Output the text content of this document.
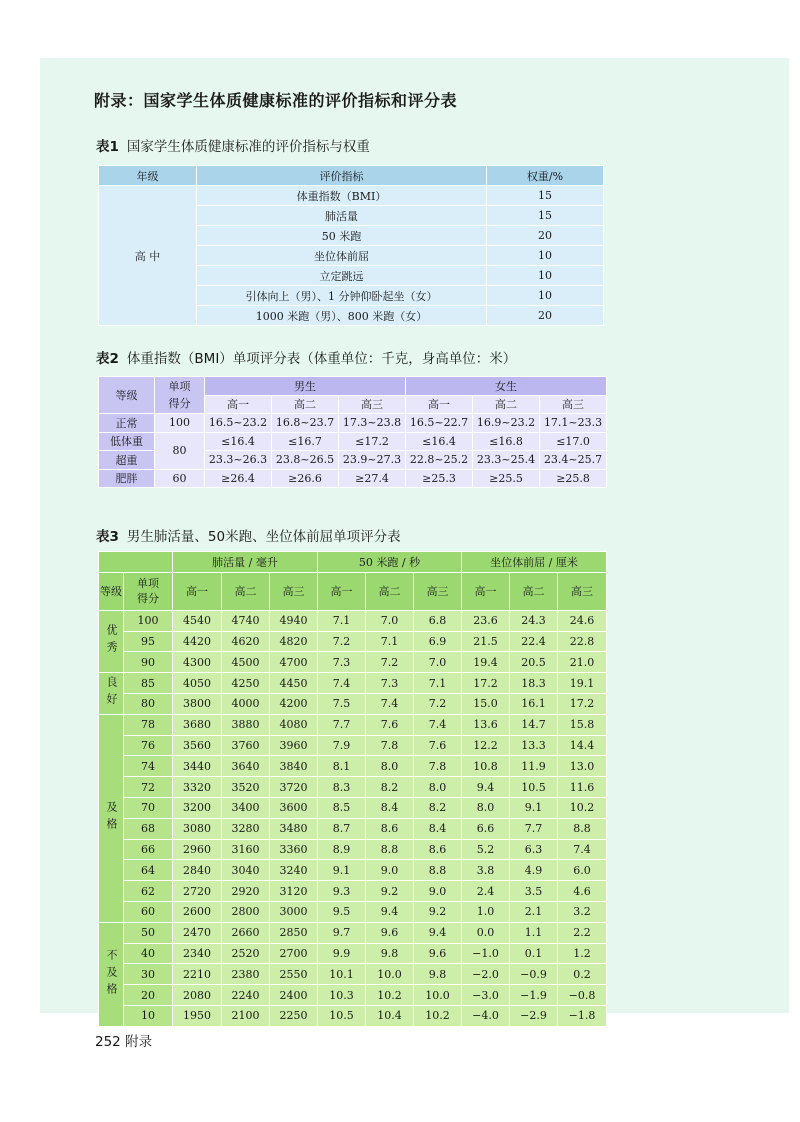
附录：国家学生体质健康标准的评价指标和评分表
表1 国家学生体质健康标准的评价指标与权重
年级	评价指标	权重/%
高 中	体重指数（BMI）	15
	肺活量	15
	50 米跑	20
	坐位体前屈	10
	立定跳远	10
	引体向上（男）、1 分钟仰卧起坐（女）	10
	1000 米跑（男）、800 米跑（女）	20
表2 体重指数（BMI）单项评分表（体重单位：千克，身高单位：米）
等级	单项得分	男生			女生		
		高一	高二	高三	高一	高二	高三
正常	100	16.5~23.2	16.8~23.7	17.3~23.8	16.5~22.7	16.9~23.2	17.1~23.3
低体重	80	≤16.4	≤16.7	≤17.2	≤16.4	≤16.8	≤17.0
超重		23.3~26.3	23.8~26.5	23.9~27.3	22.8~25.2	23.3~25.4	23.4~25.7
肥胖	60	≥26.4	≥26.6	≥27.4	≥25.3	≥25.5	≥25.8
表3 男生肺活量、50米跑、坐位体前屈单项评分表
		肺活量 / 毫升			50 米跑 / 秒			坐位体前屈 / 厘米		
等级	单项得分	高一	高二	高三	高一	高二	高三	高一	高二	高三

优秀	100	4540	4740	4940	7.1	7.0	6.8	23.6	24.3	24.6
	95	4420	4620	4820	7.2	7.1	6.9	21.5	22.4	22.8
	90	4300	4500	4700	7.3	7.2	7.0	19.4	20.5	21.0

良好	85	4050	4250	4450	7.4	7.3	7.1	17.2	18.3	19.1
	80	3800	4000	4200	7.5	7.4	7.2	15.0	16.1	17.2

及格	78	3680	3880	4080	7.7	7.6	7.4	13.6	14.7	15.8
	76	3560	3760	3960	7.9	7.8	7.6	12.2	13.3	14.4
	74	3440	3640	3840	8.1	8.0	7.8	10.8	11.9	13.0
	72	3320	3520	3720	8.3	8.2	8.0	9.4	10.5	11.6
	70	3200	3400	3600	8.5	8.4	8.2	8.0	9.1	10.2
	68	3080	3280	3480	8.7	8.6	8.4	6.6	7.7	8.8
	66	2960	3160	3360	8.9	8.8	8.6	5.2	6.3	7.4
	64	2840	3040	3240	9.1	9.0	8.8	3.8	4.9	6.0
	62	2720	2920	3120	9.3	9.2	9.0	2.4	3.5	4.6
	60	2600	2800	3000	9.5	9.4	9.2	1.0	2.1	3.2

不及格	50	2470	2660	2850	9.7	9.6	9.4	0.0	1.1	2.2
	40	2340	2520	2700	9.9	9.8	9.6	−1.0	0.1	1.2
	30	2210	2380	2550	10.1	10.0	9.8	−2.0	−0.9	0.2
	20	2080	2240	2400	10.3	10.2	10.0	−3.0	−1.9	−0.8
	10	1950	2100	2250	10.5	10.4	10.2	−4.0	−2.9	−1.8
252 附录
